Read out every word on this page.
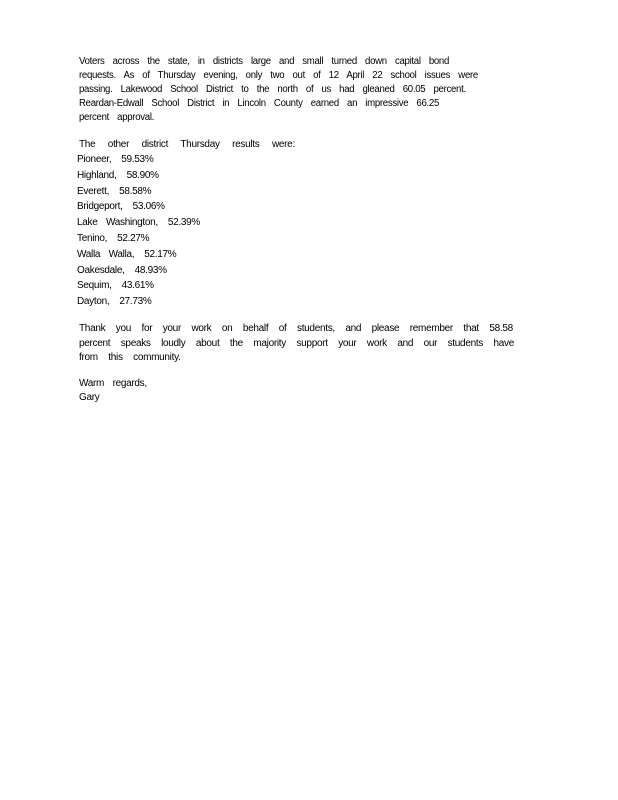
Voters across the state, in districts large and small turned down capital bond
requests. As of Thursday evening, only two out of 12 April 22 school issues were
passing. Lakewood School District to the north of us had gleaned 60.05 percent.
Reardan-Edwall School District in Lincoln County earned an impressive 66.25
percent approval.
The other district Thursday results were:
Pioneer, 59.53%
Highland, 58.90%
Everett, 58.58%
Bridgeport, 53.06%
Lake Washington, 52.39%
Tenino, 52.27%
Walla Walla, 52.17%
Oakesdale, 48.93%
Sequim, 43.61%
Dayton, 27.73%
Thank you for your work on behalf of students, and please remember that 58.58
percent speaks loudly about the majority support your work and our students have
from this community.
Warm regards,
Gary
